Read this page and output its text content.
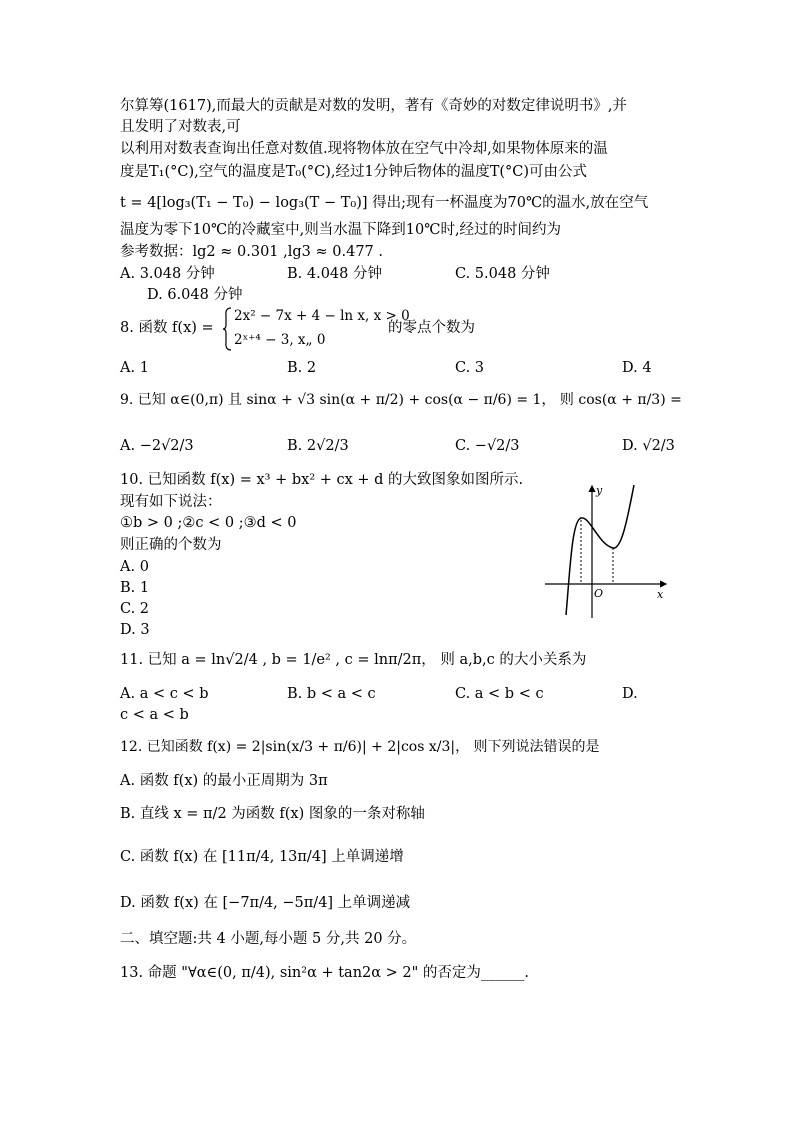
尔算筹(1617),而最大的贡献是对数的发明，著有《奇妙的对数定律说明书》,并
且发明了对数表,可
以利用对数表查询出任意对数值.现将物体放在空气中冷却,如果物体原来的温
度是T₁(°C),空气的温度是T₀(°C),经过1分钟后物体的温度T(°C)可由公式
t = 4[log₃(T₁ − T₀) − log₃(T − T₀)] 得出;现有一杯温度为70℃的温水,放在空气
温度为零下10℃的冷藏室中,则当水温下降到10℃时,经过的时间约为
参考数据：lg2 ≈ 0.301 ,lg3 ≈ 0.477 .
A. 3.048 分钟	B. 4.048 分钟	C. 5.048 分钟
D. 6.048 分钟
8. 函数 f(x) =
2x² − 7x + 4 − ln x, x > 0
2ˣ⁺⁴ − 3, x„ 0
的零点个数为
A. 1	B. 2	C. 3	D. 4
9. 已知 α∈(0,π) 且 sinα + √3 sin(α + π/2) + cos(α − π/6) = 1， 则 cos(α + π/3) =
A. −2√2/3	B. 2√2/3	C. −√2/3	D. √2/3
10. 已知函数 f(x) = x³ + bx² + cx + d 的大致图象如图所示.
现有如下说法：
①b > 0 ;②c < 0 ;③d < 0
则正确的个数为
A. 0
B. 1
C. 2
D. 3
y
x
O
11. 已知 a = ln√2/4 , b = 1/e² , c = lnπ/2π， 则 a,b,c 的大小关系为
A. a < c < b	B. b < a < c	C. a < b < c	D.
c < a < b
12. 已知函数 f(x) = 2|sin(x/3 + π/6)| + 2|cos x/3|， 则下列说法错误的是
A. 函数 f(x) 的最小正周期为 3π
B. 直线 x = π/2 为函数 f(x) 图象的一条对称轴
C. 函数 f(x) 在 [11π/4, 13π/4] 上单调递增
D. 函数 f(x) 在 [−7π/4, −5π/4] 上单调递减
二、填空题:共 4 小题,每小题 5 分,共 20 分。
13. 命题 "∀α∈(0, π/4), sin²α + tan2α > 2" 的否定为______.
